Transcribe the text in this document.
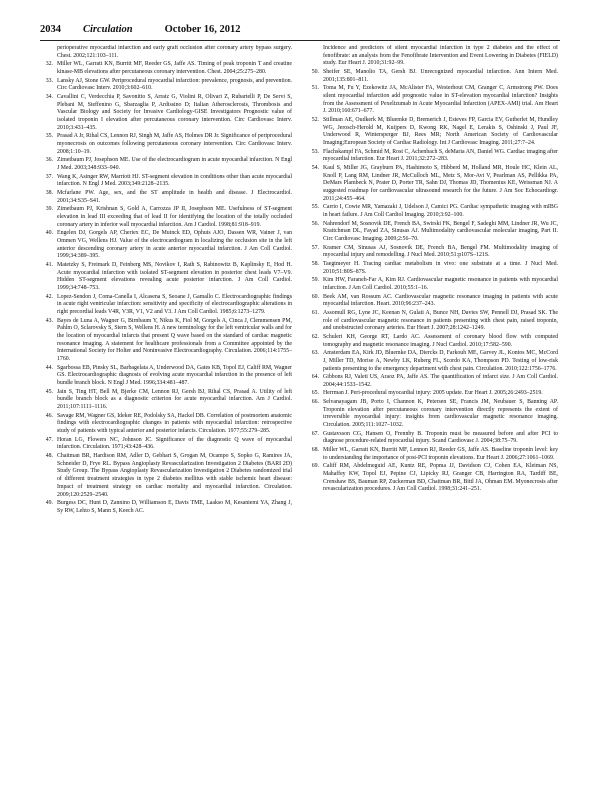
2034 Circulation	October 16, 2012
perioperative myocardial infarction and early graft occlusion after coronary artery bypass surgery. Chest. 2002;121:103–111.
32. Miller WL, Garratt KN, Burritt MF, Reeder GS, Jaffe AS. Timing of peak troponin T and creatine kinase-MB elevations after percutaneous coronary intervention. Chest. 2004;25:275–280.
33. Lansky AJ, Stone GW. Periprocedural myocardial infarction: prevalence, prognosis, and prevention. Circ Cardiovasc Interv. 2010;3:602–610.
34. Cavallini C, Verdecchia P, Savonitto S, Arraiz G, Violini R, Olivari Z, Rubartelli P, De Servi S, Plebani M, Steffenino G, Sbarzaglia P, Ardissino D; Italian Atherosclerosis, Thrombosis and Vascular Biology and Society for Invasive Cardiology-GISE Investigators Prognostic value of isolated troponin I elevation after percutaneous coronary intervention. Circ Cardiovasc Interv. 2010;3:431–435.
35. Prasad A Jr, Rihal CS, Lennon RJ, Singh M, Jaffe AS, Holmes DR Jr. Significance of periprocedural myonecrosis on outcomes following percutaneous coronary intervention. Circ Cardiovasc Interv. 2008;1:10–19.
36. Zimetbaum PJ, Josephson ME. Use of the electrocardiogram in acute myocardial infarction. N Engl J Med. 2003;348:933–940.
37. Wang K, Asinger RW, Marriott HJ. ST-segment elevation in conditions other than acute myocardial infarction. N Engl J Med. 2003;349:2128–2135.
38. Mcfarlane PW. Age, sex, and the ST amplitude in health and disease. J Electrocardiol. 2001;34:S35–S41.
39. Zimetbaum PJ, Krishnan S, Gold A, Carrozza JP II, Josephson ME. Usefulness of ST-segment elevation in lead III exceeding that of lead II for identifying the location of the totally occluded coronary artery in inferior wall myocardial infarction. Am J Cardiol. 1998;81:918–919.
40. Engelen DJ, Gorgels AP, Cheriex EC, De Muinck ED, Ophuis AJO, Dassen WR, Vainer J, van Ommen VG, Wellens HJ. Value of the electrocardiogram in localizing the occlusion site in the left anterior descending coronary artery in acute anterior myocardial infarction. J Am Coll Cardiol. 1999;34:389–395.
41. Matetzky S, Freimark D, Feinberg MS, Novikov I, Rath S, Rabinowitz B, Kaplinsky E, Hod H. Acute myocardial infarction with isolated ST-segment elevation in posterior chest leads V7–V9. Hidden ST-segment elevations revealing acute posterior infarction. J Am Coll Cardiol. 1999;34:748–753.
42. Lopez-Sendon J, Coma-Canella I, Alcasena S, Seoane J, Gamallo C. Electrocardiographic findings in acute right ventricular infarction: sensitivity and specificity of electrocardiographic alterations in right precordial leads V4R, V3R, V1, V2 and V3. J Am Coll Cardiol. 1985;6:1273–1279.
43. Bayes de Luna A, Wagner G, Birnbaum Y, Nikus K, Fiol M, Gorgels A, Cinca J, Clemmensen PM, Pahlm O, Sclarovsky S, Stern S, Wellens H. A new terminology for the left ventricular walls and for the location of myocardial infarcts that present Q wave based on the standard of cardiac magnetic resonance imaging. A statement for healthcare professionals from a Committee appointed by the International Society for Holter and Noninvasive Electrocardiography. Circulation. 2006;114:1755–1760.
44. Sgarbossa EB, Pinsky SL, Barbagelata A, Underwood DA, Gates KB, Topol EJ, Califf RM, Wagner GS. Electrocardiographic diagnosis of evolving acute myocardial infarction in the presence of left bundle branch block. N Engl J Med. 1996;334:481–487.
45. Jain S, Ting HT, Bell M, Bjerke CM, Lennon RJ, Gersh BJ, Rihal CS, Prasad A. Utility of left bundle branch block as a diagnostic criterion for acute myocardial infarction. Am J Cardiol. 2011;107:1111–1116.
46. Savage RM, Wagner GS, Ideker RE, Podolsky SA, Hackel DB. Correlation of postmortem anatomic findings with electrocardiographic changes in patients with myocardial infarction: retrospective study of patients with typical anterior and posterior infarcts. Circulation. 1977;55:279–285.
47. Horan LG, Flowers NC, Johnson JC. Significance of the diagnostic Q wave of myocardial infarction. Circulation. 1971;43:428–436.
48. Chaitman BR, Hardison RM, Adler D, Gebhart S, Grogan M, Ocampo S, Sopko G, Ramires JA, Schneider D, Frye RL. Bypass Angioplasty Revascularization Investigation 2 Diabetes (BARI 2D) Study Group. The Bypass Angioplasty Revascularization Investigation 2 Diabetes randomized trial of different treatment strategies in type 2 diabetes mellitus with stable ischemic heart disease: Impact of treatment strategy on cardiac mortality and myocardial infarction. Circulation. 2009;120:2529–2540.
49. Burgess DC, Hunt D, Zannino D, Williamson E, Davis TME, Laakso M, Kesaniemi YA, Zhang J, Sy RW, Lehto S, Mann S, Keech AC.
Incidence and predictors of silent myocardial infarction in type 2 diabetes and the effect of fenofibrate: an analysis from the Fenofibrate Intervention and Event Lowering in Diabetes (FIELD) study. Eur Heart J. 2010;31:92–99.
50. Sheifer SE, Manolio TA, Gersh BJ. Unrecognized myocardial infarction. Ann Intern Med. 2001;135:801–811.
51. Toma M, Fu Y, Ezekowitz JA, McAlister FA, Westerhout CM, Granger C, Armstrong PW. Does silent myocardial infarction add prognostic value in ST-elevation myocardial infarction? Insights from the Assessment of Pexelizumab in Acute Myocardial Infarction (APEX-AMI) trial. Am Heart J. 2010;160:671–677.
52. Stillman AE, Oudkerk M, Bluemke D, Bremerich J, Esteves FP, Garcia EV, Gutberlet M, Hundley WG, Jerosch-Herold M, Kuijpers D, Kwong RK, Nagel E, Lerakis S, Oshinski J, Paul JF, Underwood R, Wintersperger BJ, Rees MR; North American Society of Cardiovascular Imaging;European Society of Cardiac Radiology. Int J Cardiovasc Imaging. 2011;27:7–24.
53. Flachskampf FA, Schmid M, Rost C, Achenbach S, deMaria AN, Daniel WG. Cardiac imaging after myocardial infarction. Eur Heart J. 2011;32:272–283.
54. Kaul S, Miller JG, Grayburn PA, Hashimoto S, Hibberd M, Holland MR, Houle HC, Klein AL, Knoll P, Lang RM, Lindner JR, McCulloch ML, Metz S, Mor-Avi V, Pearlman AS, Pellikka PA, DeMars Plambeck N, Prater D, Porter TR, Sahn DJ, Thomas JD, Thomenius KE, Weissman NJ. A suggested roadmap for cardiovascular ultrasound research for the future. J Am Soc Echocardiogr. 2011;24:455–464.
55. Carrio I, Cowie MR, Yamazaki J, Udelson J, Camici PG. Cardiac sympathetic imaging with mIBG in heart failure. J Am Coll Cardiol Imaging. 2010;3:92–100.
56. Nahrendorf M, Sosnovik DE, French BA, Swirski FK, Bengel F, Sadeghi MM, Lindner JR, Wu JC, Kraitchman DL, Fayad ZA, Sinusas AJ. Multimodality cardiovascular molecular imaging, Part II. Circ Cardiovasc Imaging. 2009;2:56–70.
57. Kramer CM, Sinusas AJ, Sosnovik DE, French BA, Bengel FM. Multimodality imaging of myocardial injury and remodelling. J Nucl Med. 2010;51:p107S–121S.
58. Taegtmeyer H. Tracing cardiac metabolism in vivo: one substrate at a time. J Nucl Med. 2010;51:80S–87S.
59. Kim HW, Faraneh-Far A, Kim RJ. Cardiovascular magnetic resonance in patients with myocardial infarction. J Am Coll Cardiol. 2010;55:1–16.
60. Beek AM, van Rossum AC. Cardiovascular magnetic resonance imaging in patients with acute myocardial infarction. Heart. 2010;96:237–243.
61. Assomull RG, Lyne JC, Keenan N, Gulati A, Bunce NH, Davies SW, Pennell DJ, Prasad SK. The role of cardiovascular magnetic resonance in patients presenting with chest pain, raised troponin, and unobstructed coronary arteries. Eur Heart J. 2007;28:1242–1249.
62. Schuleri KH, George RT, Lardo AC. Assessment of coronary blood flow with computed tomography and magnetic resonance imaging. J Nucl Cardiol. 2010;17:582–590.
63. Amsterdam EA, Kirk JD, Bluemke DA, Diercks D, Farkouh ME, Garvey JL, Kontos MC, McCord J, Miller TD, Morise A, Newby LK, Ruberg FL, Scordo KA, Thompson PD. Testing of low-risk patients presenting to the emergency department with chest pain. Circulation. 2010;122:1756–1776.
64. Gibbons RJ, Valeti US, Araoz PA, Jaffe AS. The quantification of infarct size. J Am Coll Cardiol. 2004;44:1533–1542.
65. Herrman J. Peri-procedural myocardial injury: 2005 update. Eur Heart J. 2005;26:2493–2519.
66. Selvanayagam JB, Porto I, Channon K, Petersen SE, Francis JM, Neubauer S, Banning AP. Troponin elevation after percutaneous coronary intervention directly represents the extent of irreversible myocardial injury: insights from cardiovascular magnetic resonance imaging. Circulation. 2005;111:1027–1032.
67. Gustavsson CG, Hansen O, Frennby B. Troponin must be measured before and after PCI to diagnose procedure-related myocardial injury. Scand Cardiovasc J. 2004;38:75–79.
68. Miller WL, Garratt KN, Burritt MF, Lennon RJ, Reeder GS, Jaffe AS. Baseline troponin level: key to understanding the importance of post-PCI troponin elevations. Eur Heart J. 2006;27:1061–1069.
69. Califf RM, Abdelmeguid AE, Kuntz RE, Popma JJ, Davidson CJ, Cohen EA, Kleiman NS, Mahaffey KW, Topol EJ, Pepine CJ, Lipicky RJ, Granger CB, Harrington RA, Tardiff BE, Crenshaw BS, Bauman RP, Zuckerman BD, Chaitman BR, Bittl JA, Ohman EM. Myonecrosis after revascularization procedures. J Am Coll Cardiol. 1998;31:241–251.
